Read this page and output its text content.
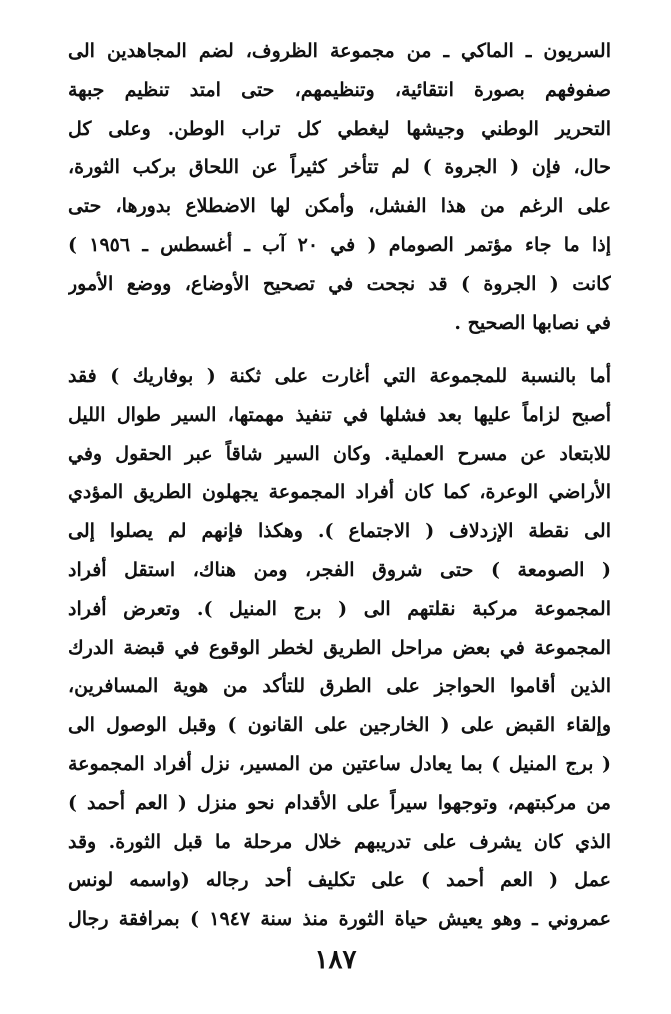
السريون ـ الماكي ـ من مجموعة الظروف، لضم المجاهدين الى
صفوفهم بصورة انتقائية، وتنظيمهم، حتى امتد تنظيم جبهة
التحرير الوطني وجيشها ليغطي كل تراب الوطن. وعلى كل
حال، فإن ( الجروة ) لم تتأخر كثيراً عن اللحاق بركب الثورة،
على الرغم من هذا الفشل، وأمكن لها الاضطلاع بدورها، حتى
إذا ما جاء مؤتمر الصومام ( في ٢٠ آب ـ أغسطس ـ ١٩٥٦ )
كانت ( الجروة ) قد نجحت في تصحيح الأوضاع، ووضع الأمور
في نصابها الصحيح .
أما بالنسبة للمجموعة التي أغارت على ثكنة ( بوفاريك ) فقد
أصبح لزاماً عليها بعد فشلها في تنفيذ مهمتها، السير طوال الليل
للابتعاد عن مسرح العملية. وكان السير شاقاً عبر الحقول وفي
الأراضي الوعرة، كما كان أفراد المجموعة يجهلون الطريق المؤدي
الى نقطة الإزدلاف ( الاجتماع ). وهكذا فإنهم لم يصلوا إلى
( الصومعة ) حتى شروق الفجر، ومن هناك، استقل أفراد
المجموعة مركبة نقلتهم الى ( برج المنيل ). وتعرض أفراد
المجموعة في بعض مراحل الطريق لخطر الوقوع في قبضة الدرك
الذين أقاموا الحواجز على الطرق للتأكد من هوية المسافرين،
وإلقاء القبض على ( الخارجين على القانون ) وقبل الوصول الى
( برج المنيل ) بما يعادل ساعتين من المسير، نزل أفراد المجموعة
من مركبتهم، وتوجهوا سيراً على الأقدام نحو منزل ( العم أحمد )
الذي كان يشرف على تدريبهم خلال مرحلة ما قبل الثورة. وقد
عمل ( العم أحمد ) على تكليف أحد رجاله (واسمه لونس
عمروني ـ وهو يعيش حياة الثورة منذ سنة ١٩٤٧ ) بمرافقة رجال
١٨٧
